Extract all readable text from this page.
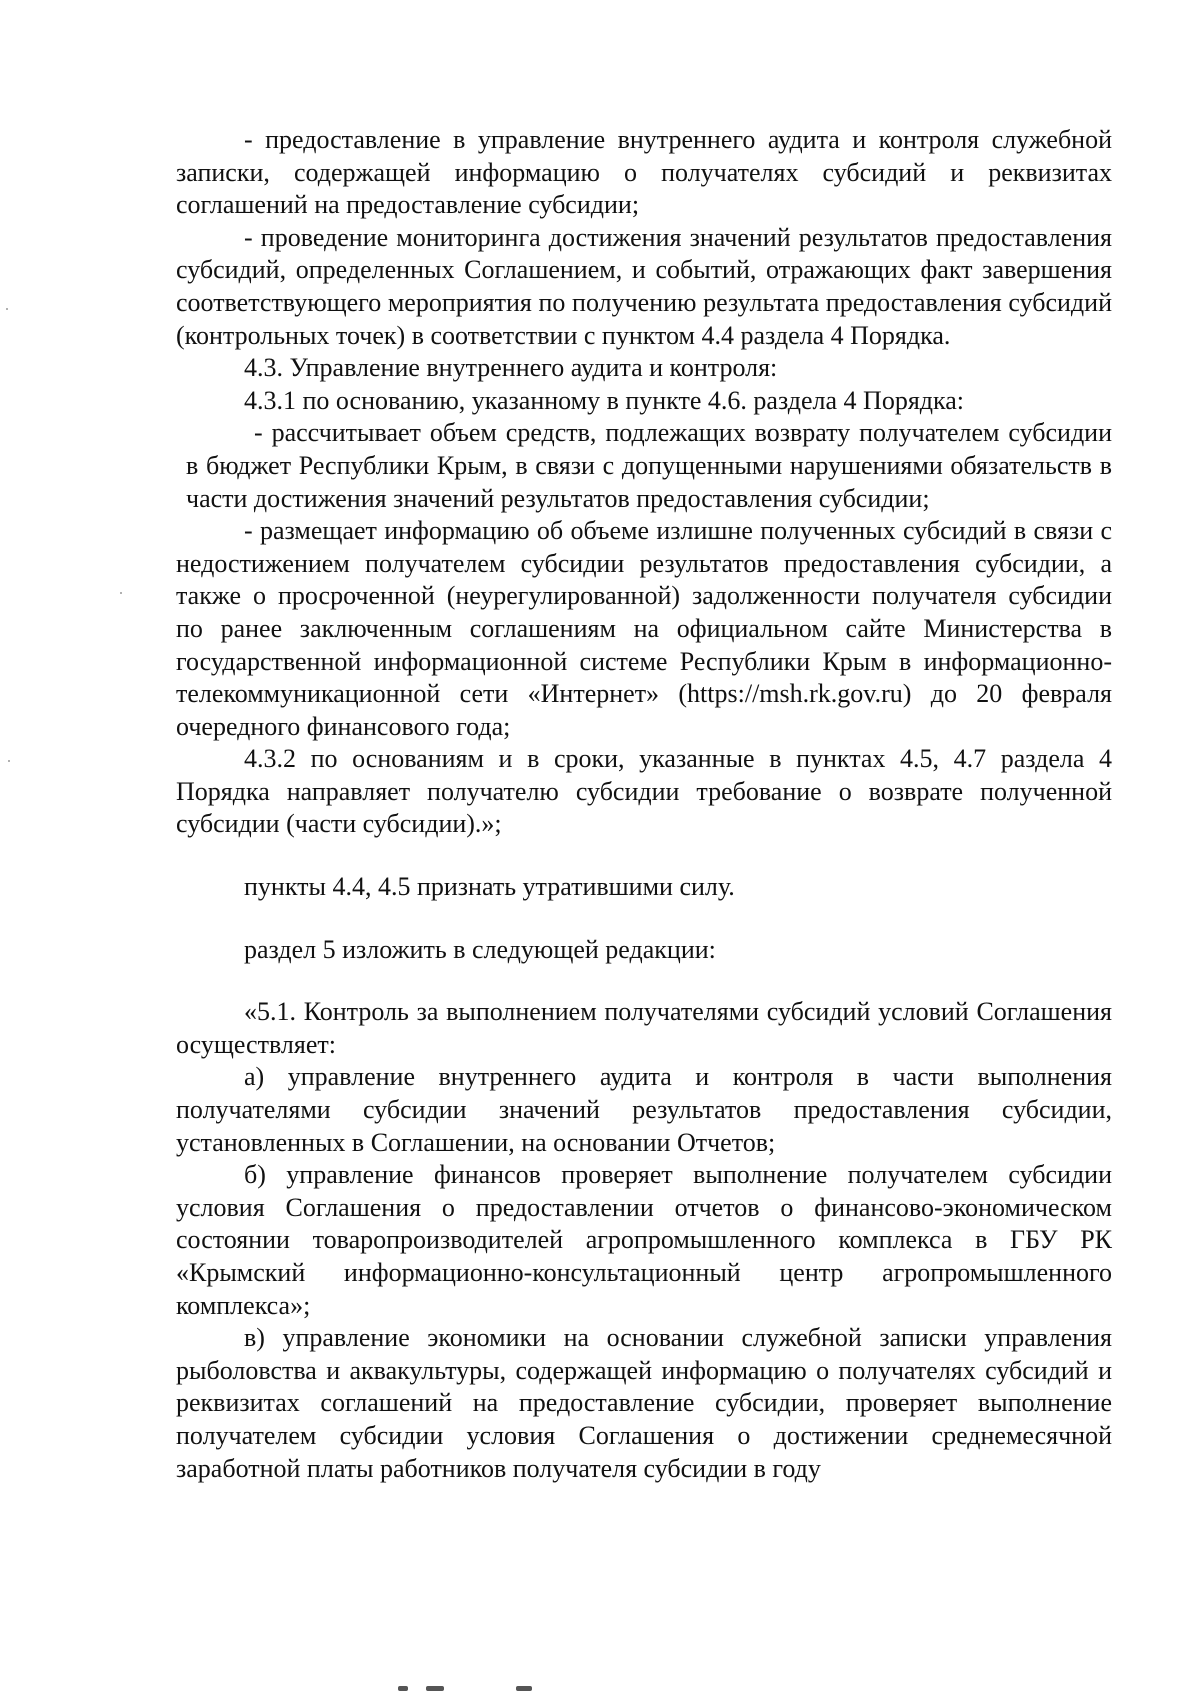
- предоставление в управление внутреннего аудита и контроля служебной записки, содержащей информацию о получателях субсидий и реквизитах соглашений на предоставление субсидии;

- проведение мониторинга достижения значений результатов предоставления субсидий, определенных Соглашением, и событий, отражающих факт завершения соответствующего мероприятия по получению результата предоставления субсидий (контрольных точек) в соответствии с пунктом 4.4 раздела 4 Порядка.

4.3. Управление внутреннего аудита и контроля:

4.3.1 по основанию, указанному в пункте 4.6. раздела 4 Порядка:

- рассчитывает объем средств, подлежащих возврату получателем субсидии в бюджет Республики Крым, в связи с допущенными нарушениями обязательств в части достижения значений результатов предоставления субсидии;

- размещает информацию об объеме излишне полученных субсидий в связи с недостижением получателем субсидии результатов предоставления субсидии, а также о просроченной (неурегулированной) задолженности получателя субсидии по ранее заключенным соглашениям на официальном сайте Министерства в государственной информационной системе Республики Крым в информационно-телекоммуникационной сети «Интернет» (https://msh.rk.gov.ru) до 20 февраля очередного финансового года;

4.3.2 по основаниям и в сроки, указанные в пунктах 4.5, 4.7 раздела 4 Порядка направляет получателю субсидии требование о возврате полученной субсидии (части субсидии).»;

пункты 4.4, 4.5 признать утратившими силу.

раздел 5 изложить в следующей редакции:

«5.1. Контроль за выполнением получателями субсидий условий Соглашения осуществляет:

а) управление внутреннего аудита и контроля в части выполнения получателями субсидии значений результатов предоставления субсидии, установленных в Соглашении, на основании Отчетов;

б) управление финансов проверяет выполнение получателем субсидии условия Соглашения о предоставлении отчетов о финансово-экономическом состоянии товаропроизводителей агропромышленного комплекса в ГБУ РК «Крымский информационно-консультационный центр агропромышленного комплекса»;

в) управление экономики на основании служебной записки управления рыболовства и аквакультуры, содержащей информацию о получателях субсидий и реквизитах соглашений на предоставление субсидии, проверяет выполнение получателем субсидии условия Соглашения о достижении среднемесячной заработной платы работников получателя субсидии в году
